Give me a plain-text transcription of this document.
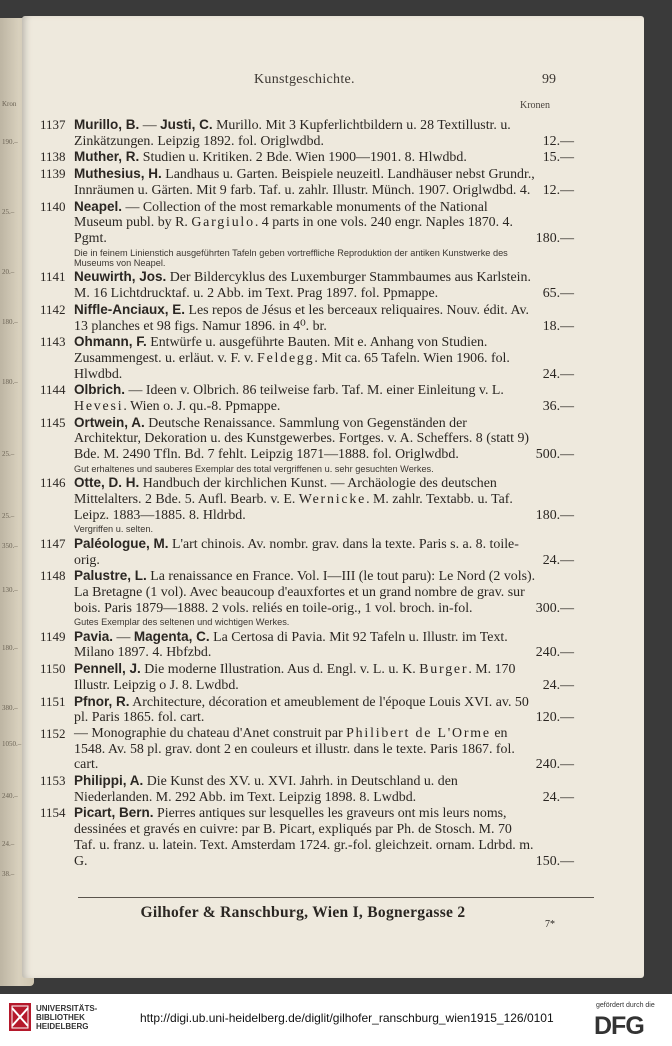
Kron
190.–
25.–
20.–
180.–
180.–
25.–
25.–
350.–
130.–
180.–
380.–
1050.–
240.–
24.–
38.–
Kunstgeschichte.	99
Kronen
1137 Murillo, B. — Justi, C. Murillo. Mit 3 Kupferlichtbildern u. 28 Textillustr. u. Zinkätzungen. Leipzig 1892. fol. Origlwdbd.	12.—
1138 Muther, R. Studien u. Kritiken. 2 Bde. Wien 1900—1901. 8. Hlwdbd.	15.—
1139 Muthesius, H. Landhaus u. Garten. Beispiele neuzeitl. Landhäuser nebst Grundr., Innräumen u. Gärten. Mit 9 farb. Taf. u. zahlr. Illustr. Münch. 1907. Origlwdbd. 4. 12.—
1140 Neapel. — Collection of the most remarkable monuments of the National Museum publ. by R. Gargiulo. 4 parts in one vols. 240 engr. Naples 1870. 4. Pgmt.	180.—
Die in feinem Linienstich ausgeführten Tafeln geben vortreffliche Reproduktion der antiken Kunstwerke des Museums von Neapel.
1141 Neuwirth, Jos. Der Bildercyklus des Luxemburger Stammbaumes aus Karlstein. M. 16 Lichtdrucktaf. u. 2 Abb. im Text. Prag 1897. fol. Ppmappe.	65.—
1142 Niffle-Anciaux, E. Les repos de Jésus et les berceaux reliquaires. Nouv. édit. Av. 13 planches et 98 figs. Namur 1896. in 4⁰. br.	18.—
1143 Ohmann, F. Entwürfe u. ausgeführte Bauten. Mit e. Anhang von Studien. Zusammengest. u. erläut. v. F. v. Feldegg. Mit ca. 65 Tafeln. Wien 1906. fol. Hlwdbd.	24.—
1144 Olbrich. — Ideen v. Olbrich. 86 teilweise farb. Taf. M. einer Einleitung v. L. Hevesi. Wien o. J. qu.-8. Ppmappe.	36.—
1145 Ortwein, A. Deutsche Renaissance. Sammlung von Gegenständen der Architektur, Dekoration u. des Kunstgewerbes. Fortges. v. A. Scheffers. 8 (statt 9) Bde. M. 2490 Tfln. Bd. 7 fehlt. Leipzig 1871—1888. fol. Origlwdbd.	500.—
Gut erhaltenes und sauberes Exemplar des total vergriffenen u. sehr gesuchten Werkes.
1146 Otte, D. H. Handbuch der kirchlichen Kunst. — Archäologie des deutschen Mittelalters. 2 Bde. 5. Aufl. Bearb. v. E. Wernicke. M. zahlr. Textabb. u. Taf. Leipz. 1883—1885. 8. Hldrbd.	180.—
Vergriffen u. selten.
1147 Paléologue, M. L'art chinois. Av. nombr. grav. dans la texte. Paris s. a. 8. toile-orig.	24.—
1148 Palustre, L. La renaissance en France. Vol. I—III (le tout paru): Le Nord (2 vols). La Bretagne (1 vol). Avec beaucoup d'eauxfortes et un grand nombre de grav. sur bois. Paris 1879—1888. 2 vols. reliés en toile-orig., 1 vol. broch. in-fol.	300.—
Gutes Exemplar des seltenen und wichtigen Werkes.
1149 Pavia. — Magenta, C. La Certosa di Pavia. Mit 92 Tafeln u. Illustr. im Text. Milano 1897. 4. Hbfzbd.	240.—
1150 Pennell, J. Die moderne Illustration. Aus d. Engl. v. L. u. K. Burger. M. 170 Illustr. Leipzig o J. 8. Lwdbd.	24.—
1151 Pfnor, R. Architecture, décoration et ameublement de l'époque Louis XVI. av. 50 pl. Paris 1865. fol. cart.	120.—
1152 — Monographie du chateau d'Anet construit par Philibert de L'Orme en 1548. Av. 58 pl. grav. dont 2 en couleurs et illustr. dans le texte. Paris 1867. fol. cart.	240.—
1153 Philippi, A. Die Kunst des XV. u. XVI. Jahrh. in Deutschland u. den Niederlanden. M. 292 Abb. im Text. Leipzig 1898. 8. Lwdbd.	24.—
1154 Picart, Bern. Pierres antiques sur lesquelles les graveurs ont mis leurs noms, dessinées et gravés en cuivre: par B. Picart, expliqués par Ph. de Stosch. M. 70 Taf. u. franz. u. latein. Text. Amsterdam 1724. gr.-fol. gleichzeit. ornam. Ldrbd. m. G.	150.—
Gilhofer & Ranschburg, Wien I, Bognergasse 2
7*
UNIVERSITÄTS-
BIBLIOTHEK
HEIDELBERG
http://digi.ub.uni-heidelberg.de/diglit/gilhofer_ranschburg_wien1915_126/0101
gefördert durch die
DFG
